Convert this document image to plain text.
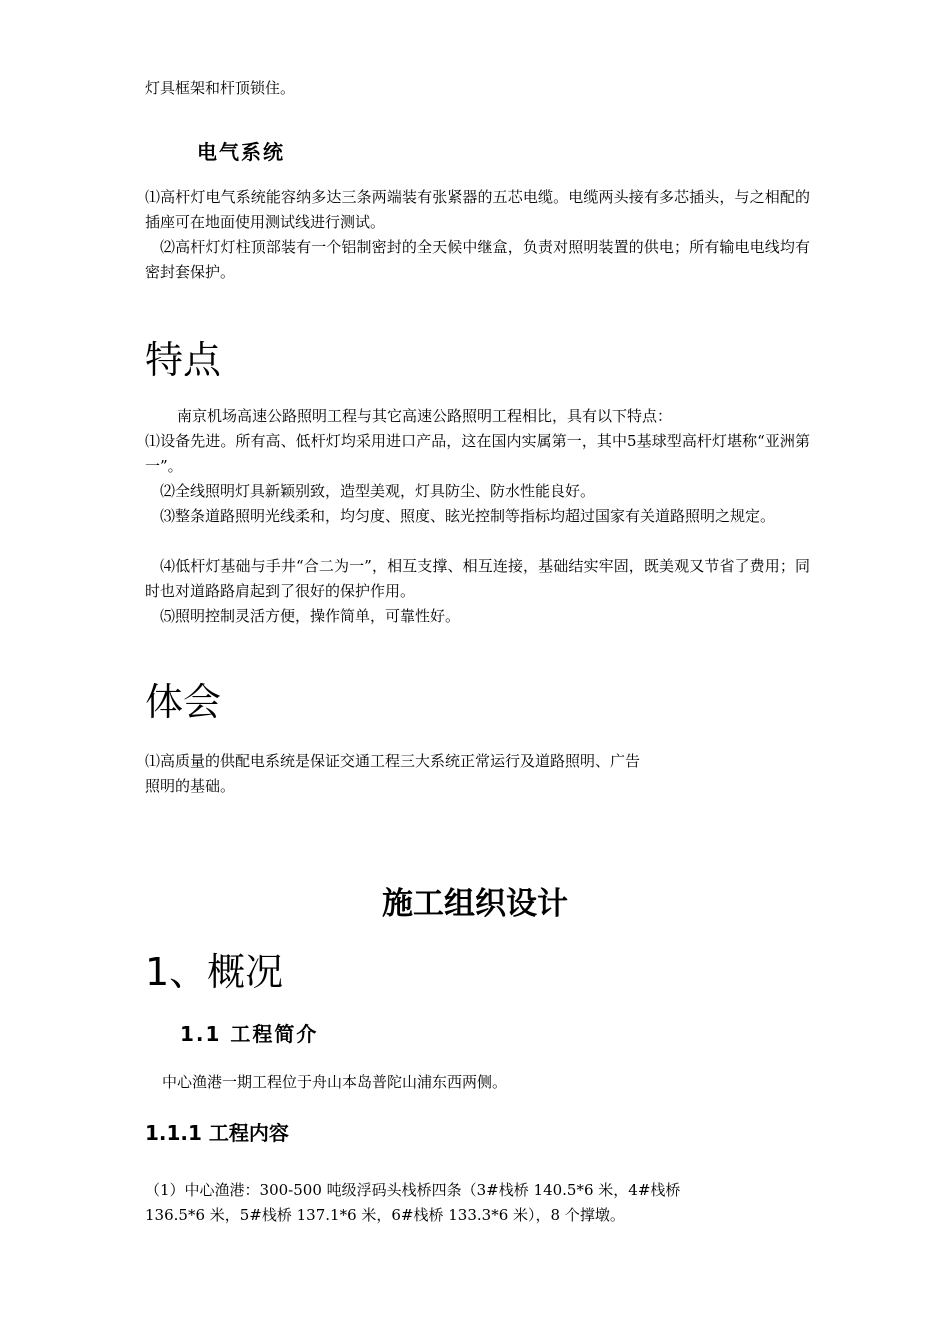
灯具框架和杆顶锁住。

电气系统

⑴高杆灯电气系统能容纳多达三条两端装有张紧器的五芯电缆。电缆两头接有多芯插头，与之相配的插座可在地面使用测试线进行测试。

⑵高杆灯灯柱顶部装有一个铝制密封的全天候中继盒，负责对照明装置的供电；所有输电电线均有密封套保护。

特点

南京机场高速公路照明工程与其它高速公路照明工程相比，具有以下特点：

⑴设备先进。所有高、低杆灯均采用进口产品，这在国内实属第一，其中5基球型高杆灯堪称“亚洲第一”。

⑵全线照明灯具新颖别致，造型美观，灯具防尘、防水性能良好。

⑶整条道路照明光线柔和，均匀度、照度、眩光控制等指标均超过国家有关道路照明之规定。

⑷低杆灯基础与手井“合二为一”，相互支撑、相互连接，基础结实牢固，既美观又节省了费用；同时也对道路路肩起到了很好的保护作用。

⑸照明控制灵活方便，操作简单，可靠性好。

体会

⑴高质量的供配电系统是保证交通工程三大系统正常运行及道路照明、广告

照明的基础。

施工组织设计
1、概况
1.1 工程简介

中心渔港一期工程位于舟山本岛普陀山浦东西两侧。

1.1.1 工程内容

（1）中心渔港：300-500 吨级浮码头栈桥四条（3#栈桥 140.5*6 米，4#栈桥

136.5*6 米，5#栈桥 137.1*6 米，6#栈桥 133.3*6 米），8 个撑墩。
